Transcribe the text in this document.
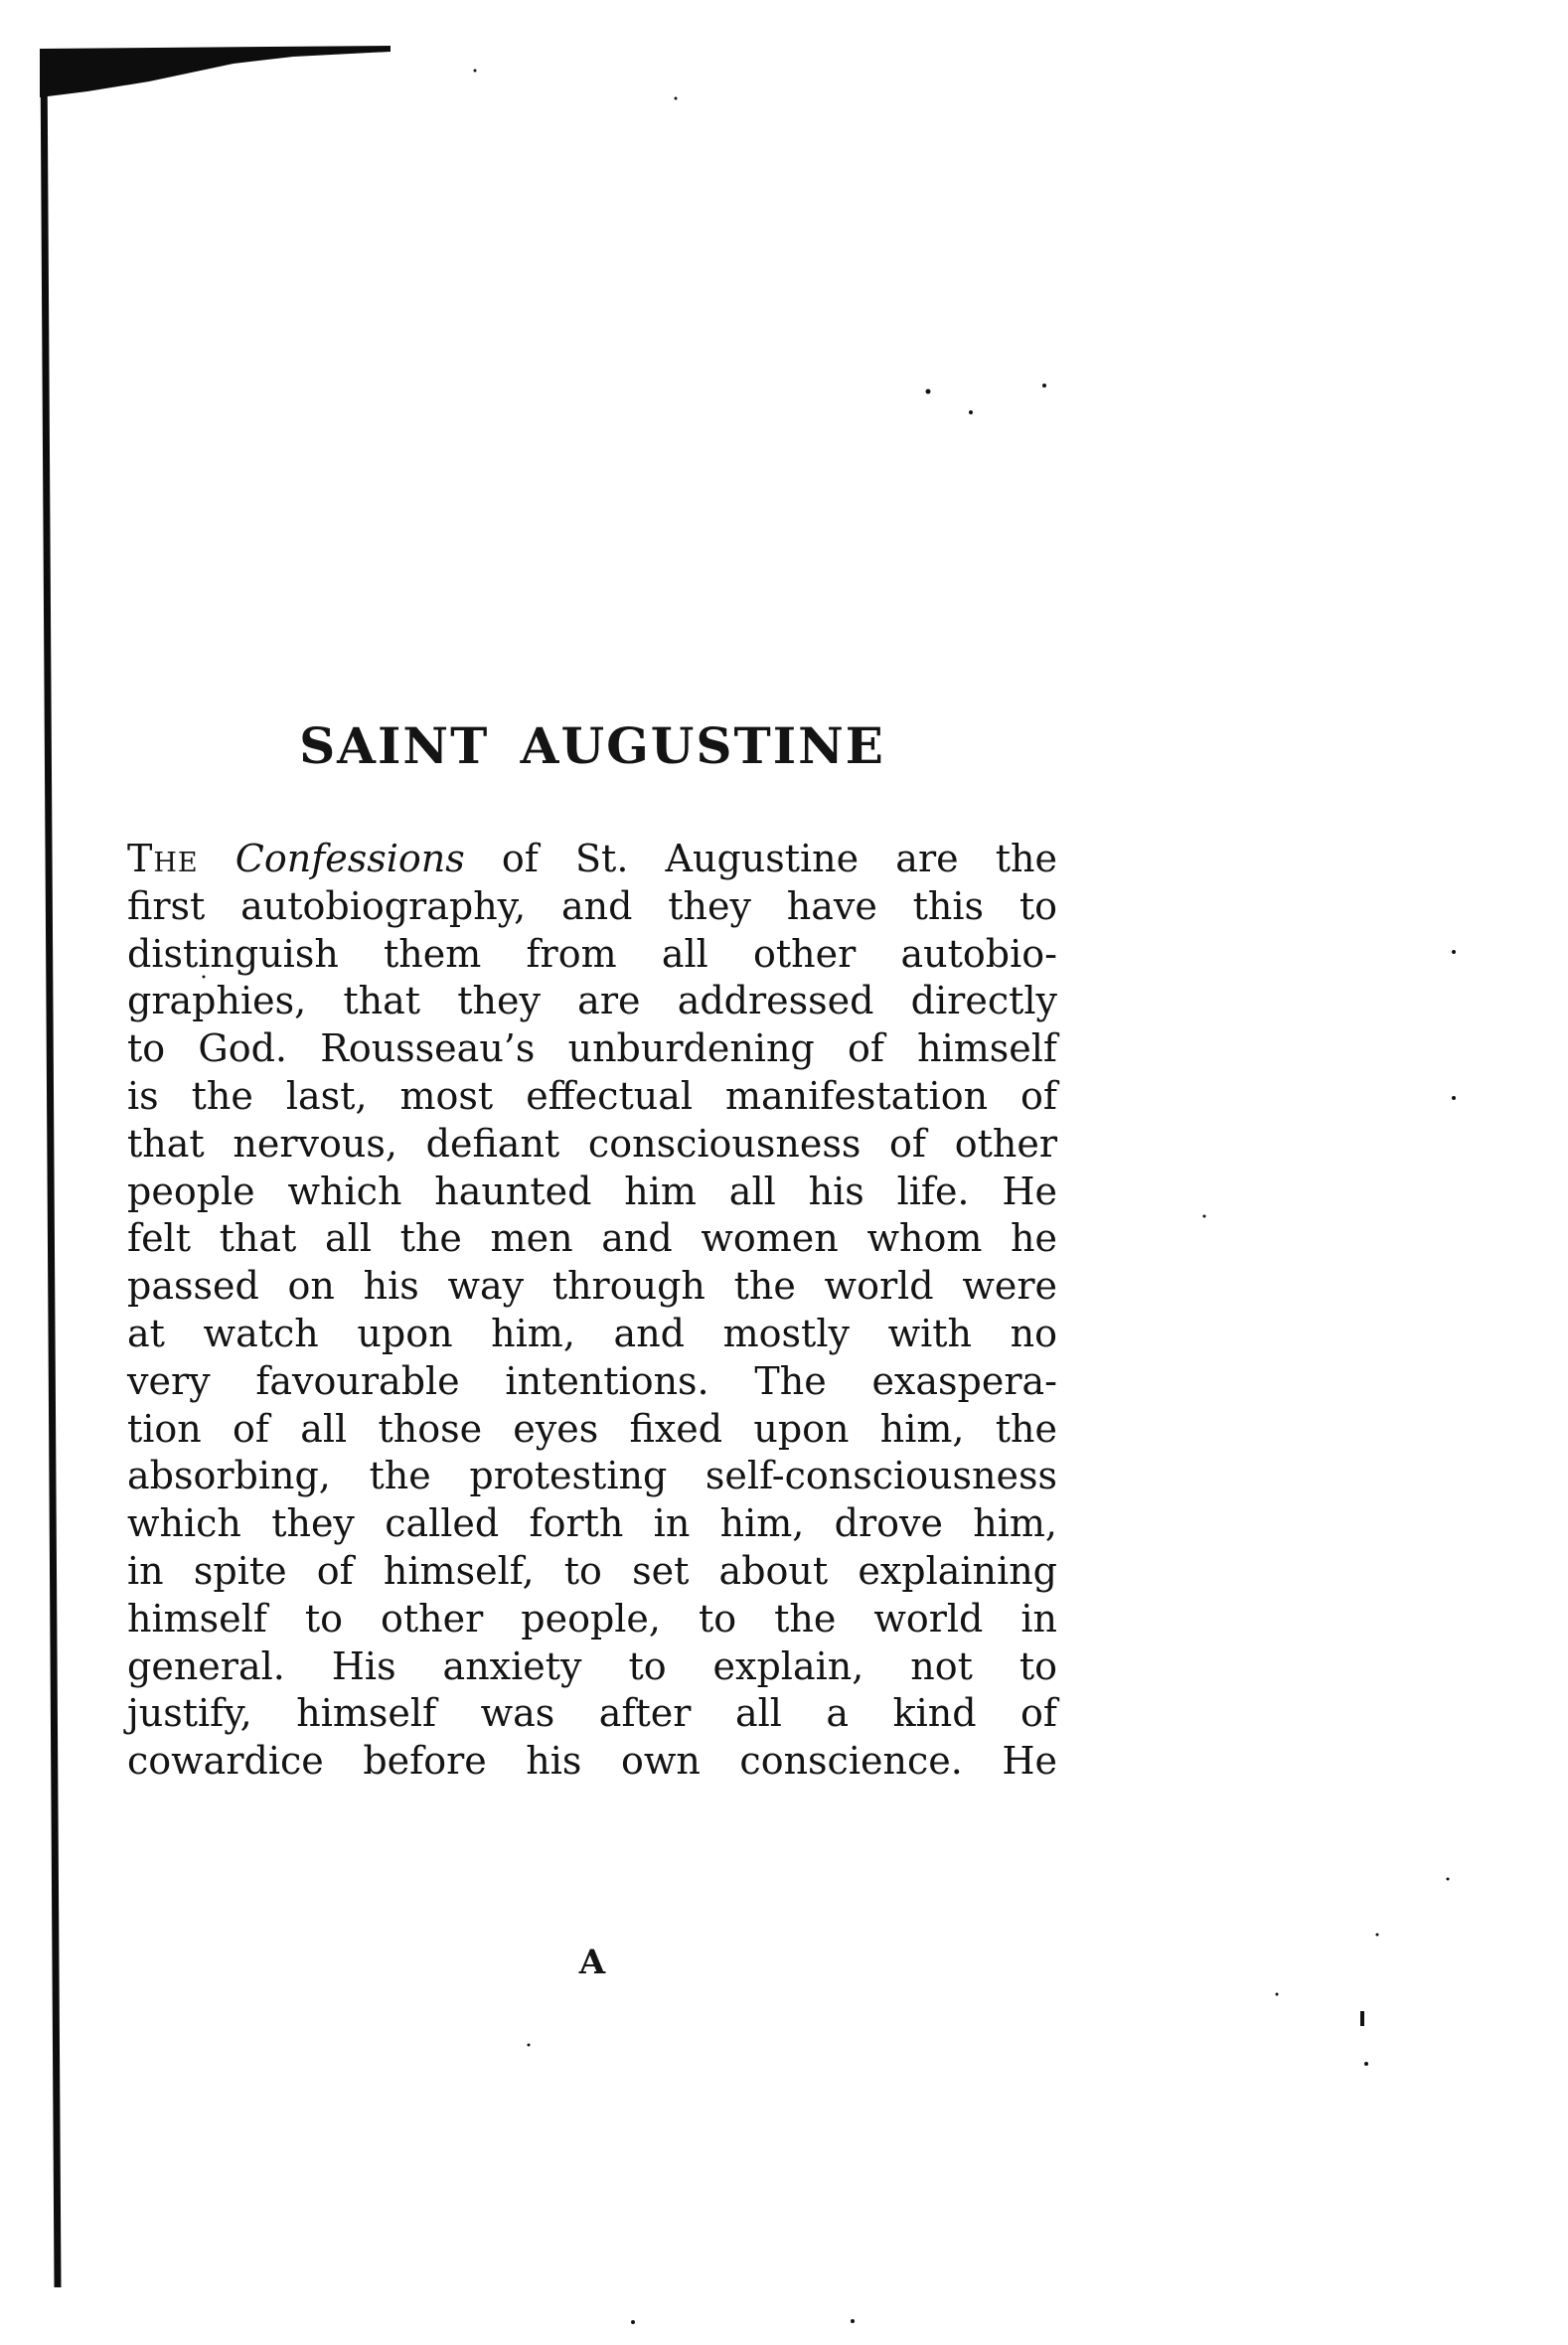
SAINT AUGUSTINE
The Confessions of St. Augustine are the
first autobiography, and they have this to
distinguish them from all other autobio-
graphies, that they are addressed directly
to God. Rousseau’s unburdening of himself
is the last, most effectual manifestation of
that nervous, defiant consciousness of other
people which haunted him all his life. He
felt that all the men and women whom he
passed on his way through the world were
at watch upon him, and mostly with no
very favourable intentions. The exaspera-
tion of all those eyes fixed upon him, the
absorbing, the protesting self-consciousness
which they called forth in him, drove him,
in spite of himself, to set about explaining
himself to other people, to the world in
general. His anxiety to explain, not to
justify, himself was after all a kind of
cowardice before his own conscience. He
A
